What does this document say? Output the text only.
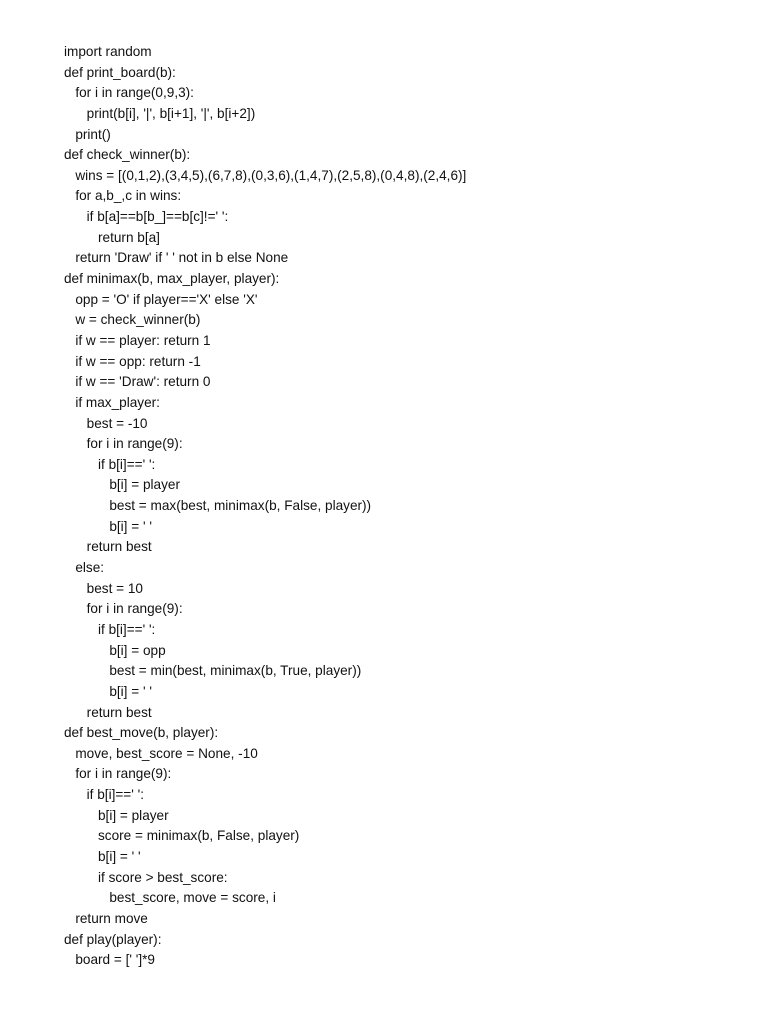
import random
def print_board(b):
for i in range(0,9,3):
print(b[i], '|', b[i+1], '|', b[i+2])
print()
def check_winner(b):
wins = [(0,1,2),(3,4,5),(6,7,8),(0,3,6),(1,4,7),(2,5,8),(0,4,8),(2,4,6)]
for a,b_,c in wins:
if b[a]==b[b_]==b[c]!=' ':
return b[a]
return 'Draw' if ' ' not in b else None
def minimax(b, max_player, player):
opp = 'O' if player=='X' else 'X'
w = check_winner(b)
if w == player: return 1
if w == opp: return -1
if w == 'Draw': return 0
if max_player:
best = -10
for i in range(9):
if b[i]==' ':
b[i] = player
best = max(best, minimax(b, False, player))
b[i] = ' '
return best
else:
best = 10
for i in range(9):
if b[i]==' ':
b[i] = opp
best = min(best, minimax(b, True, player))
b[i] = ' '
return best
def best_move(b, player):
move, best_score = None, -10
for i in range(9):
if b[i]==' ':
b[i] = player
score = minimax(b, False, player)
b[i] = ' '
if score > best_score:
best_score, move = score, i
return move
def play(player):
board = [' ']*9
